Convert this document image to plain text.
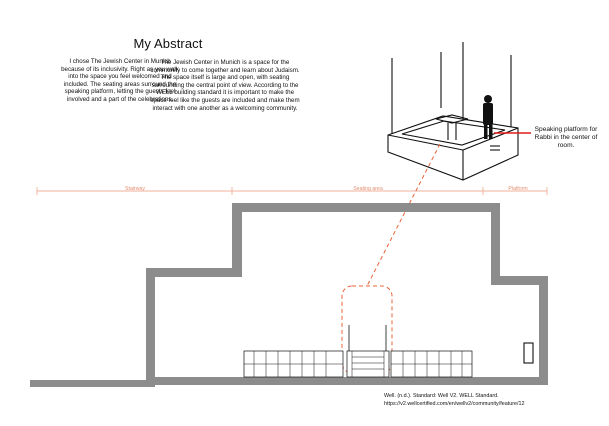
My Abstract
I chose The Jewish Center in Munich because of its inclusivity. Right as you walk into the space you feel welcomed and included. The seating areas surround the speaking platform, letting the guests feel involved and a part of the celebrations.
The Jewish Center in Munich is a space for the community to come together and learn about Judaism. The space itself is large and open, with seating surrounding the central point of view. According to the WELL building standard it is important to make the space feel like the guests are included and make them interact with one another as a welcoming community.
Speaking platform for Rabbi in the center of room.
Stairway	Seating area	Platform
Well. (n.d.). Standard: Well V2. WELL Standard.
https://v2.wellcertified.com/en/wellv2/community/feature/12
